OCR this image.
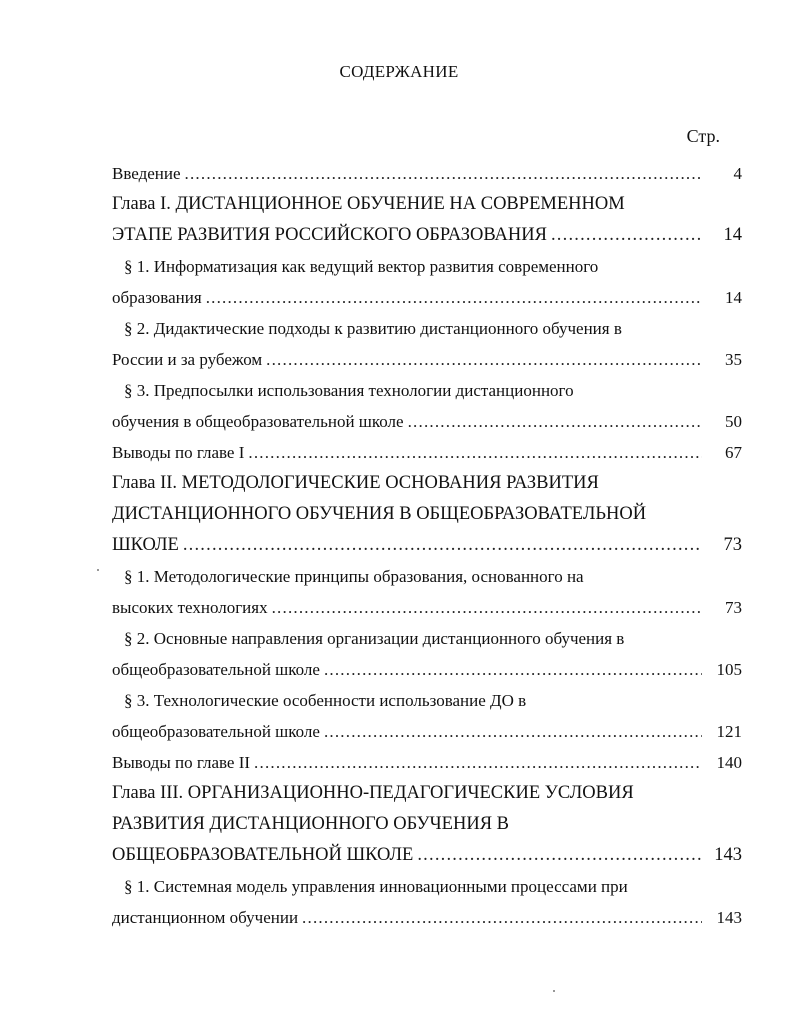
СОДЕРЖАНИЕ
Стр.
Введение .....	4
Глава I. ДИСТАНЦИОННОЕ ОБУЧЕНИЕ НА СОВРЕМЕННОМ
ЭТАПЕ РАЗВИТИЯ РОССИЙСКОГО ОБРАЗОВАНИЯ .....	14
§ 1. Информатизация как ведущий вектор развития современного
образования .....	14
§ 2. Дидактические подходы к развитию дистанционного обучения в
России и за рубежом .....	35
§ 3. Предпосылки использования технологии дистанционного
обучения в общеобразовательной школе .....	50
Выводы по главе I .....	67
Глава II. МЕТОДОЛОГИЧЕСКИЕ ОСНОВАНИЯ РАЗВИТИЯ
ДИСТАНЦИОННОГО ОБУЧЕНИЯ В ОБЩЕОБРАЗОВАТЕЛЬНОЙ
ШКОЛЕ .....	73
§ 1. Методологические принципы образования, основанного на
высоких технологиях .....	73
§ 2. Основные направления организации дистанционного обучения в
общеобразовательной школе .....	105
§ 3. Технологические особенности использование ДО в
общеобразовательной школе .....	121
Выводы по главе II .....	140
Глава III. ОРГАНИЗАЦИОННО-ПЕДАГОГИЧЕСКИЕ УСЛОВИЯ
РАЗВИТИЯ ДИСТАНЦИОННОГО ОБУЧЕНИЯ В
ОБЩЕОБРАЗОВАТЕЛЬНОЙ ШКОЛЕ .....	143
§ 1. Системная модель управления инновационными процессами при
дистанционном обучении .....	143
